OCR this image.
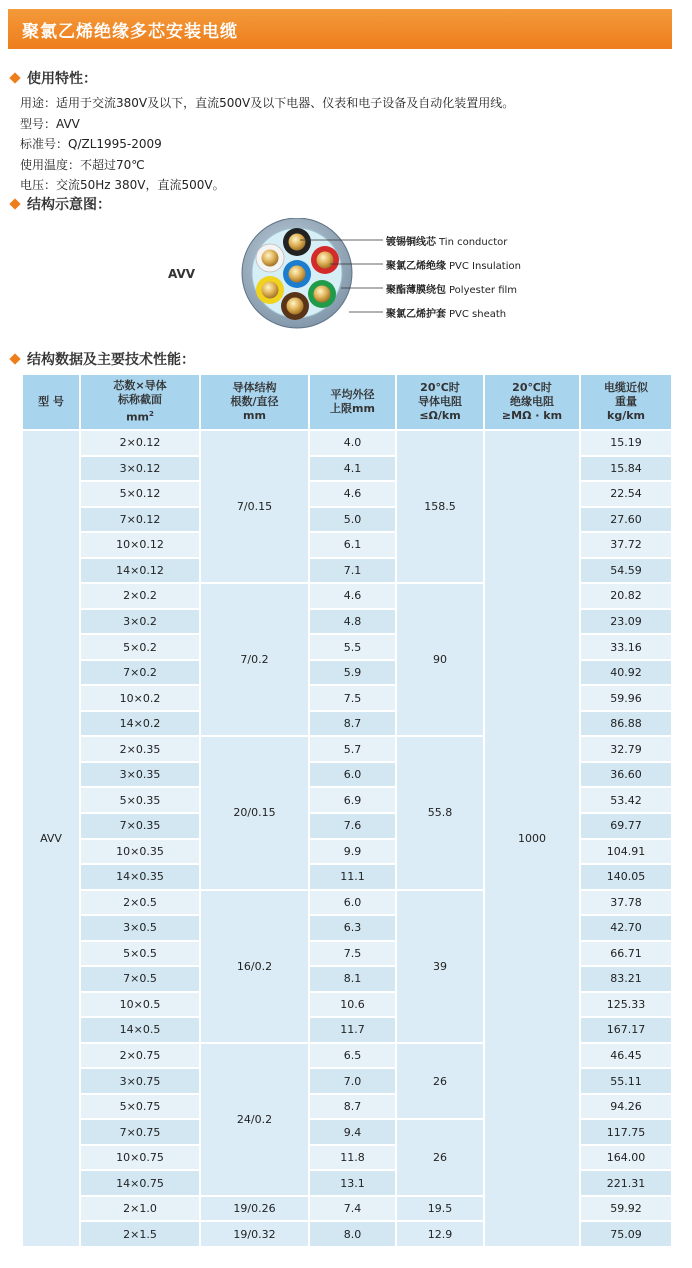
聚氯乙烯绝缘多芯安装电缆
使用特性：
用途：适用于交流380V及以下，直流500V及以下电器、仪表和电子设备及自动化装置用线。
型号：AVV
标准号：Q/ZL1995-2009
使用温度：不超过70℃
电压：交流50Hz 380V，直流500V。
结构示意图：
AVV
镀锡铜线芯 Tin conductor
聚氯乙烯绝缘 PVC Insulation
聚酯薄膜绕包 Polyester film
聚氯乙烯护套 PVC sheath
结构数据及主要技术性能：
型 号	芯数×导体
标称截面
$mm^2$	导体结构
根数/直径
mm	平均外径
上限mm	20℃时
导体电阻
≤Ω/km	20℃时
绝缘电阻
≥MΩ · km	电缆近似
重量
kg/km
AVV	2×0.12	7/0.15	4.0	158.5	1000	15.19
	3×0.12		4.1			15.84
	5×0.12		4.6			22.54
	7×0.12		5.0			27.60
	10×0.12		6.1			37.72
	14×0.12		7.1			54.59
	2×0.2	7/0.2	4.6	90		20.82
	3×0.2		4.8			23.09
	5×0.2		5.5			33.16
	7×0.2		5.9			40.92
	10×0.2		7.5			59.96
	14×0.2		8.7			86.88
	2×0.35	20/0.15	5.7	55.8		32.79
	3×0.35		6.0			36.60
	5×0.35		6.9			53.42
	7×0.35		7.6			69.77
	10×0.35		9.9			104.91
	14×0.35		11.1			140.05
	2×0.5	16/0.2	6.0	39		37.78
	3×0.5		6.3			42.70
	5×0.5		7.5			66.71
	7×0.5		8.1			83.21
	10×0.5		10.6			125.33
	14×0.5		11.7			167.17
	2×0.75	24/0.2	6.5	26		46.45
	3×0.75		7.0			55.11
	5×0.75		8.7			94.26
	7×0.75		9.4	26		117.75
	10×0.75		11.8			164.00
	14×0.75		13.1			221.31
	2×1.0	19/0.26	7.4	19.5		59.92
	2×1.5	19/0.32	8.0	12.9		75.09
